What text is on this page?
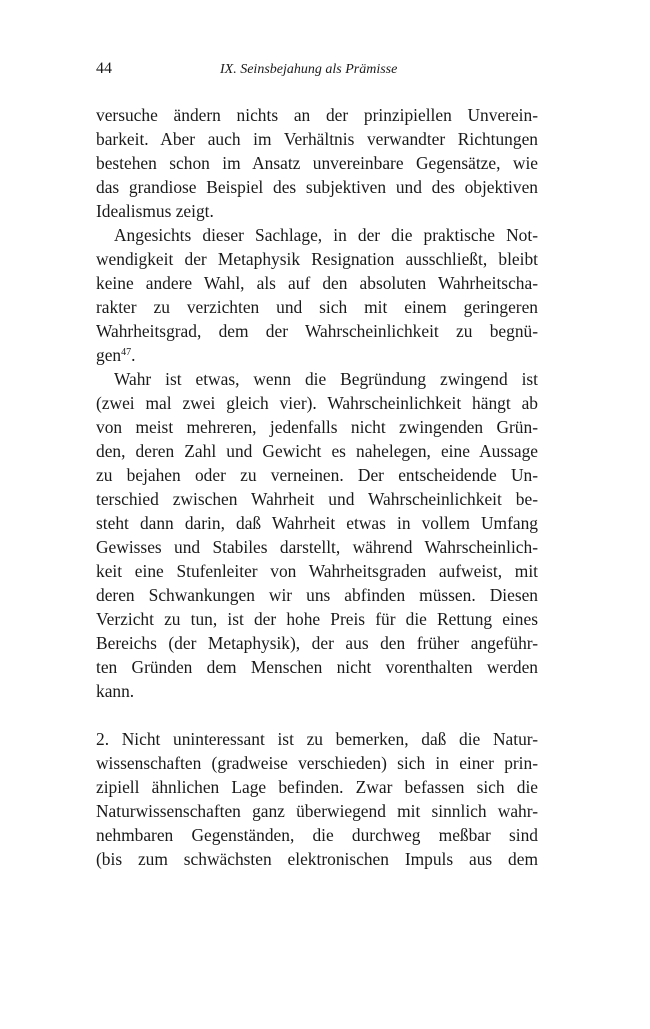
44	IX. Seinsbejahung als Prämisse
versuche ändern nichts an der prinzipiellen Unverein-
barkeit. Aber auch im Verhältnis verwandter Richtungen
bestehen schon im Ansatz unvereinbare Gegensätze, wie
das grandiose Beispiel des subjektiven und des objektiven
Idealismus zeigt.
Angesichts dieser Sachlage, in der die praktische Not-
wendigkeit der Metaphysik Resignation ausschließt, bleibt
keine andere Wahl, als auf den absoluten Wahrheitscha-
rakter zu verzichten und sich mit einem geringeren
Wahrheitsgrad, dem der Wahrscheinlichkeit zu begnü-
gen$^{47}$.
Wahr ist etwas, wenn die Begründung zwingend ist
(zwei mal zwei gleich vier). Wahrscheinlichkeit hängt ab
von meist mehreren, jedenfalls nicht zwingenden Grün-
den, deren Zahl und Gewicht es nahelegen, eine Aussage
zu bejahen oder zu verneinen. Der entscheidende Un-
terschied zwischen Wahrheit und Wahrscheinlichkeit be-
steht dann darin, daß Wahrheit etwas in vollem Umfang
Gewisses und Stabiles darstellt, während Wahrscheinlich-
keit eine Stufenleiter von Wahrheitsgraden aufweist, mit
deren Schwankungen wir uns abfinden müssen. Diesen
Verzicht zu tun, ist der hohe Preis für die Rettung eines
Bereichs (der Metaphysik), der aus den früher angeführ-
ten Gründen dem Menschen nicht vorenthalten werden
kann.
2. Nicht uninteressant ist zu bemerken, daß die Natur-
wissenschaften (gradweise verschieden) sich in einer prin-
zipiell ähnlichen Lage befinden. Zwar befassen sich die
Naturwissenschaften ganz überwiegend mit sinnlich wahr-
nehmbaren Gegenständen, die durchweg meßbar sind
(bis zum schwächsten elektronischen Impuls aus dem
